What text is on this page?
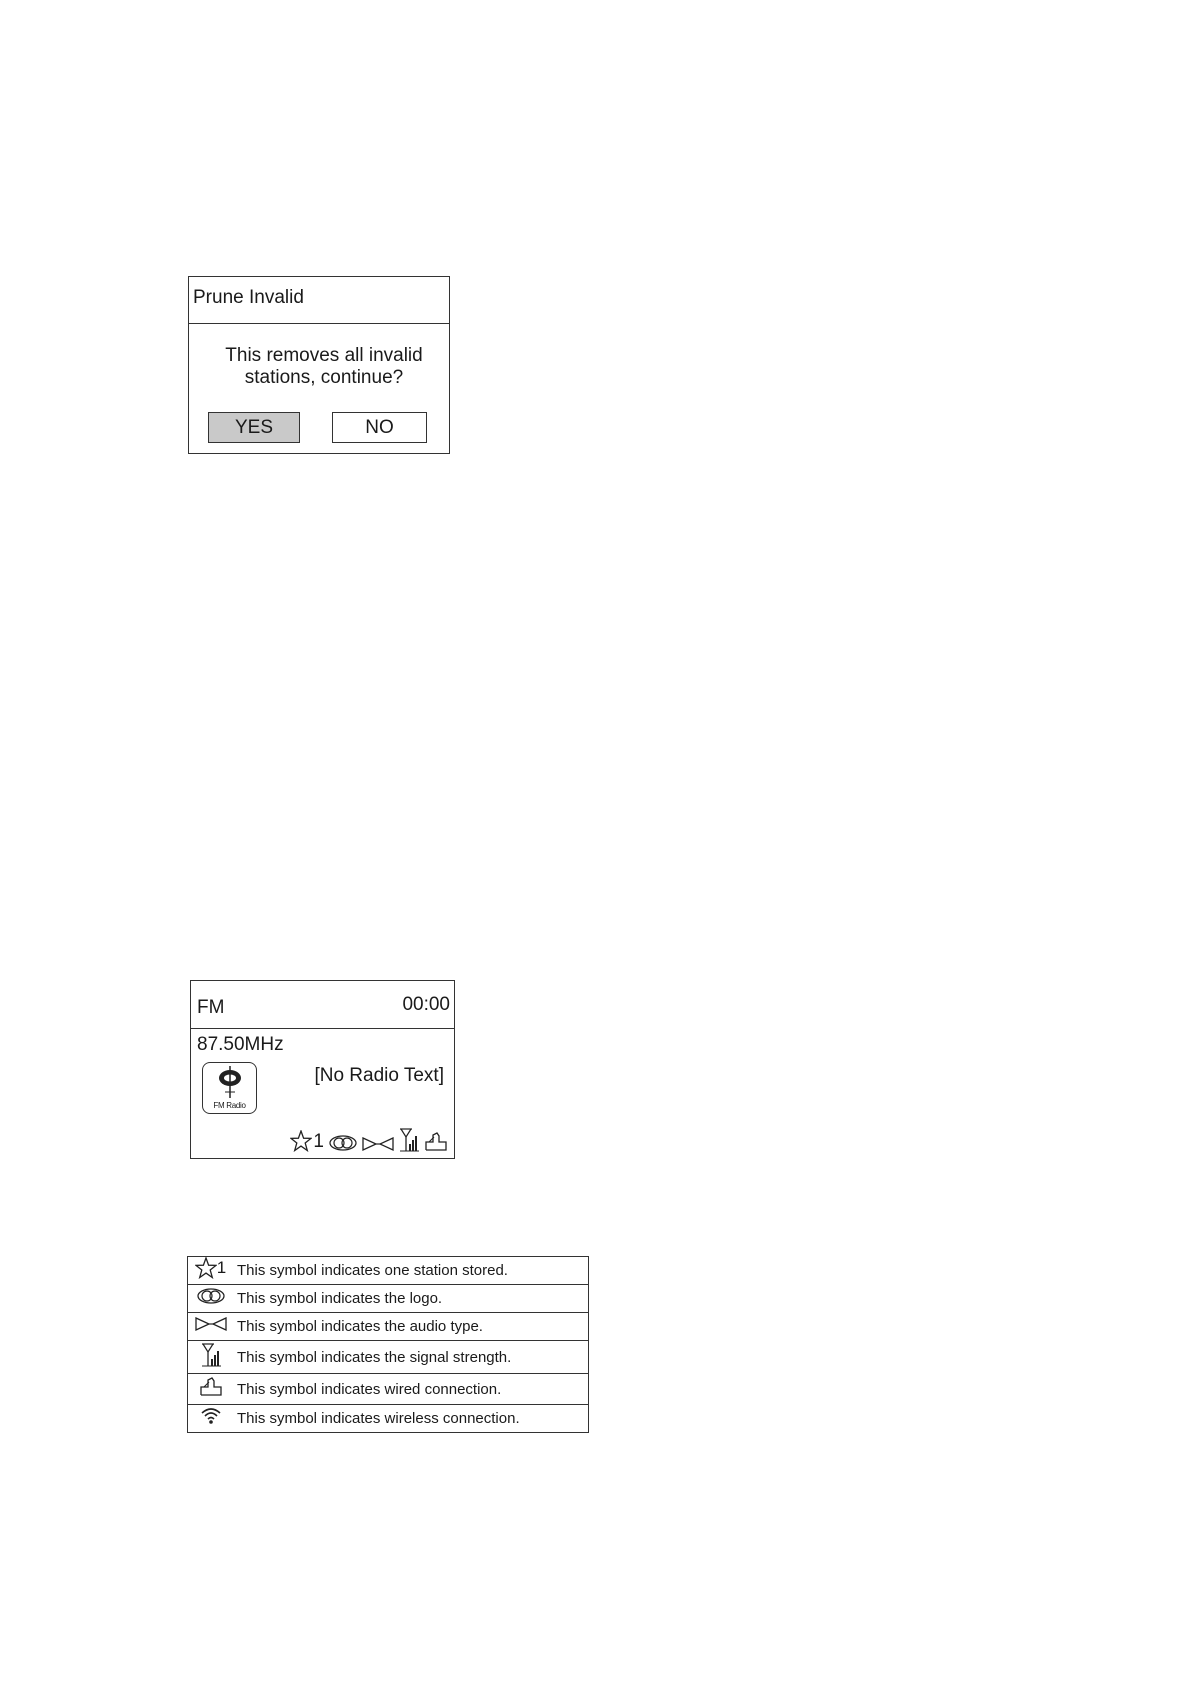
Prune Invalid
This removes all invalid
stations, continue?
YES	NO
FM	00:00
87.50MHz
FM Radio
[No Radio Text]
1
1	This symbol indicates one station stored.

	This symbol indicates the logo.

	This symbol indicates the audio type.

	This symbol indicates the signal strength.

	This symbol indicates wired connection.

	This symbol indicates wireless connection.
